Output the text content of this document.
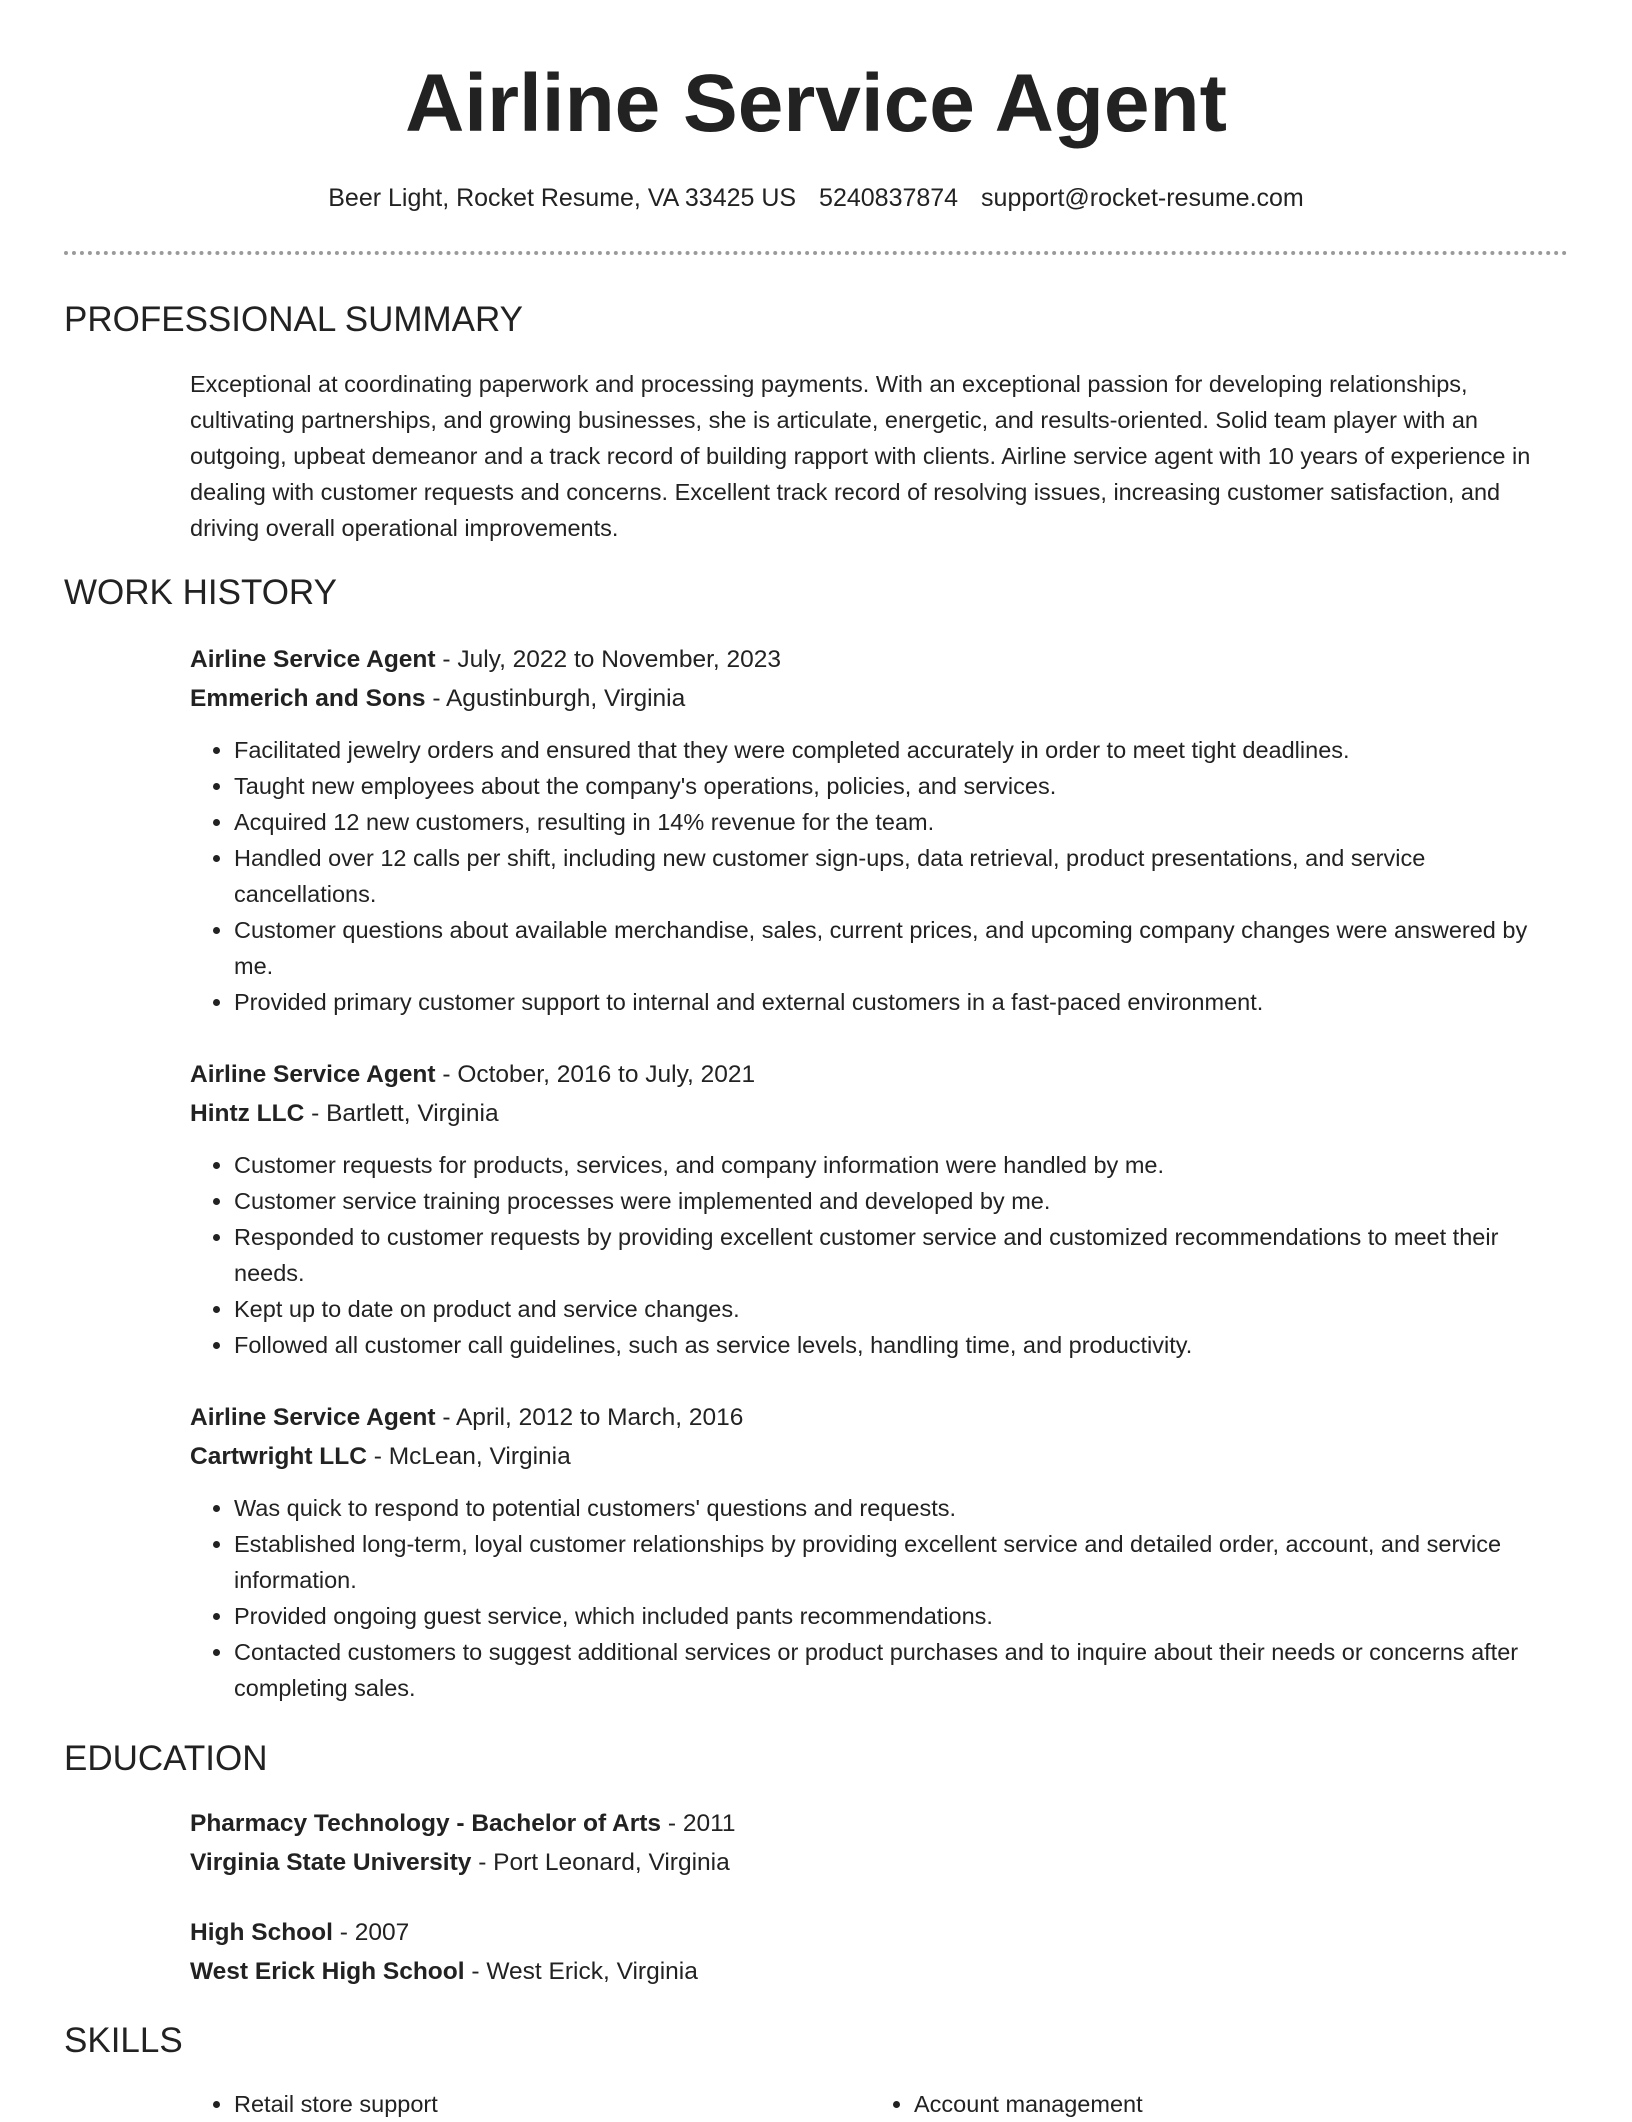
Airline Service Agent
Beer Light, Rocket Resume, VA 33425 US 5240837874 support@rocket-resume.com
PROFESSIONAL SUMMARY
Exceptional at coordinating paperwork and processing payments. With an exceptional passion for developing relationships, cultivating partnerships, and growing businesses, she is articulate, energetic, and results-oriented. Solid team player with an outgoing, upbeat demeanor and a track record of building rapport with clients. Airline service agent with 10 years of experience in dealing with customer requests and concerns. Excellent track record of resolving issues, increasing customer satisfaction, and driving overall operational improvements.
WORK HISTORY
Airline Service Agent - July, 2022 to November, 2023
Emmerich and Sons - Agustinburgh, Virginia
• Facilitated jewelry orders and ensured that they were completed accurately in order to meet tight deadlines.
• Taught new employees about the company's operations, policies, and services.
• Acquired 12 new customers, resulting in 14% revenue for the team.
• Handled over 12 calls per shift, including new customer sign-ups, data retrieval, product presentations, and service cancellations.
• Customer questions about available merchandise, sales, current prices, and upcoming company changes were answered by me.
• Provided primary customer support to internal and external customers in a fast-paced environment.
Airline Service Agent - October, 2016 to July, 2021
Hintz LLC - Bartlett, Virginia
• Customer requests for products, services, and company information were handled by me.
• Customer service training processes were implemented and developed by me.
• Responded to customer requests by providing excellent customer service and customized recommendations to meet their needs.
• Kept up to date on product and service changes.
• Followed all customer call guidelines, such as service levels, handling time, and productivity.
Airline Service Agent - April, 2012 to March, 2016
Cartwright LLC - McLean, Virginia
• Was quick to respond to potential customers' questions and requests.
• Established long-term, loyal customer relationships by providing excellent service and detailed order, account, and service information.
• Provided ongoing guest service, which included pants recommendations.
• Contacted customers to suggest additional services or product purchases and to inquire about their needs or concerns after completing sales.
EDUCATION
Pharmacy Technology - Bachelor of Arts - 2011
Virginia State University - Port Leonard, Virginia
High School - 2007
West Erick High School - West Erick, Virginia
SKILLS
• Retail store support
•	Account management
